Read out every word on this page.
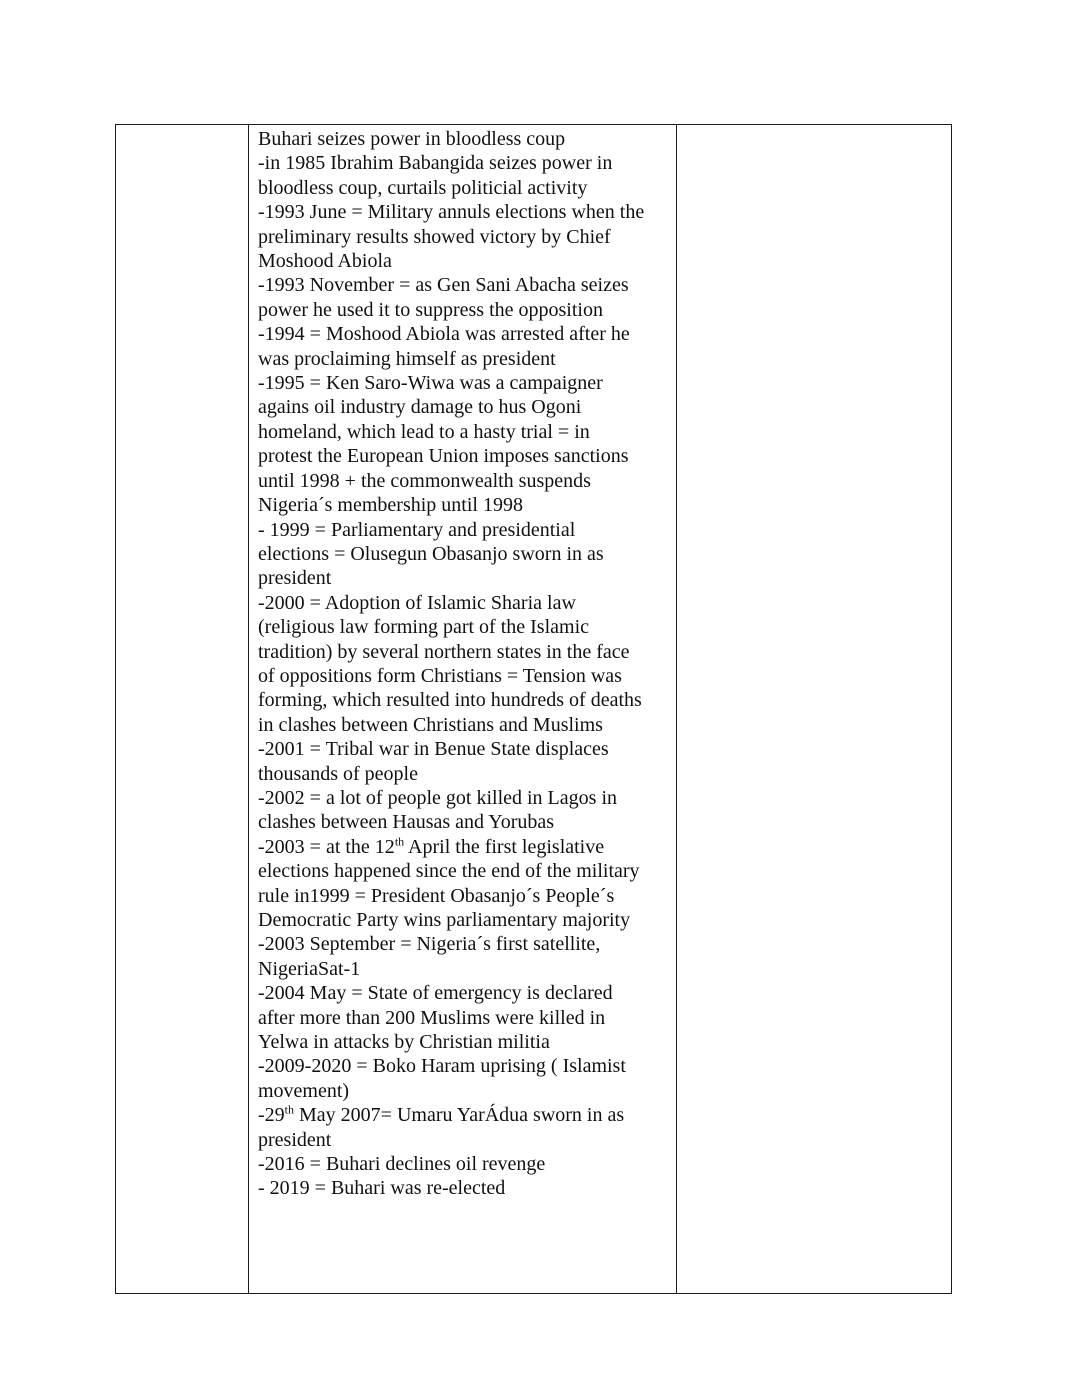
Buhari seizes power in bloodless coup

-in 1985 Ibrahim Babangida seizes power in

bloodless coup, curtails politicial activity

-1993 June = Military annuls elections when the

preliminary results showed victory by Chief

Moshood Abiola

-1993 November = as Gen Sani Abacha seizes

power he used it to suppress the opposition

-1994 = Moshood Abiola was arrested after he

was proclaiming himself as president

-1995 = Ken Saro-Wiwa was a campaigner

agains oil industry damage to hus Ogoni

homeland, which lead to a hasty trial = in

protest the European Union imposes sanctions

until 1998 + the commonwealth suspends

Nigeria´s membership until 1998

- 1999 = Parliamentary and presidential

elections = Olusegun Obasanjo sworn in as

president

-2000 = Adoption of Islamic Sharia law

(religious law forming part of the Islamic

tradition) by several northern states in the face

of oppositions form Christians = Tension was

forming, which resulted into hundreds of deaths

in clashes between Christians and Muslims

-2001 = Tribal war in Benue State displaces

thousands of people

-2002 = a lot of people got killed in Lagos in

clashes between Hausas and Yorubas

-2003 = at the 12th April the first legislative

elections happened since the end of the military

rule in1999 = President Obasanjo´s People´s

Democratic Party wins parliamentary majority

-2003 September = Nigeria´s first satellite,

NigeriaSat-1

-2004 May = State of emergency is declared

after more than 200 Muslims were killed in

Yelwa in attacks by Christian militia

-2009-2020 = Boko Haram uprising ( Islamist

movement)

-29th May 2007= Umaru YarÁdua sworn in as

president

-2016 = Buhari declines oil revenge

- 2019 = Buhari was re-elected
